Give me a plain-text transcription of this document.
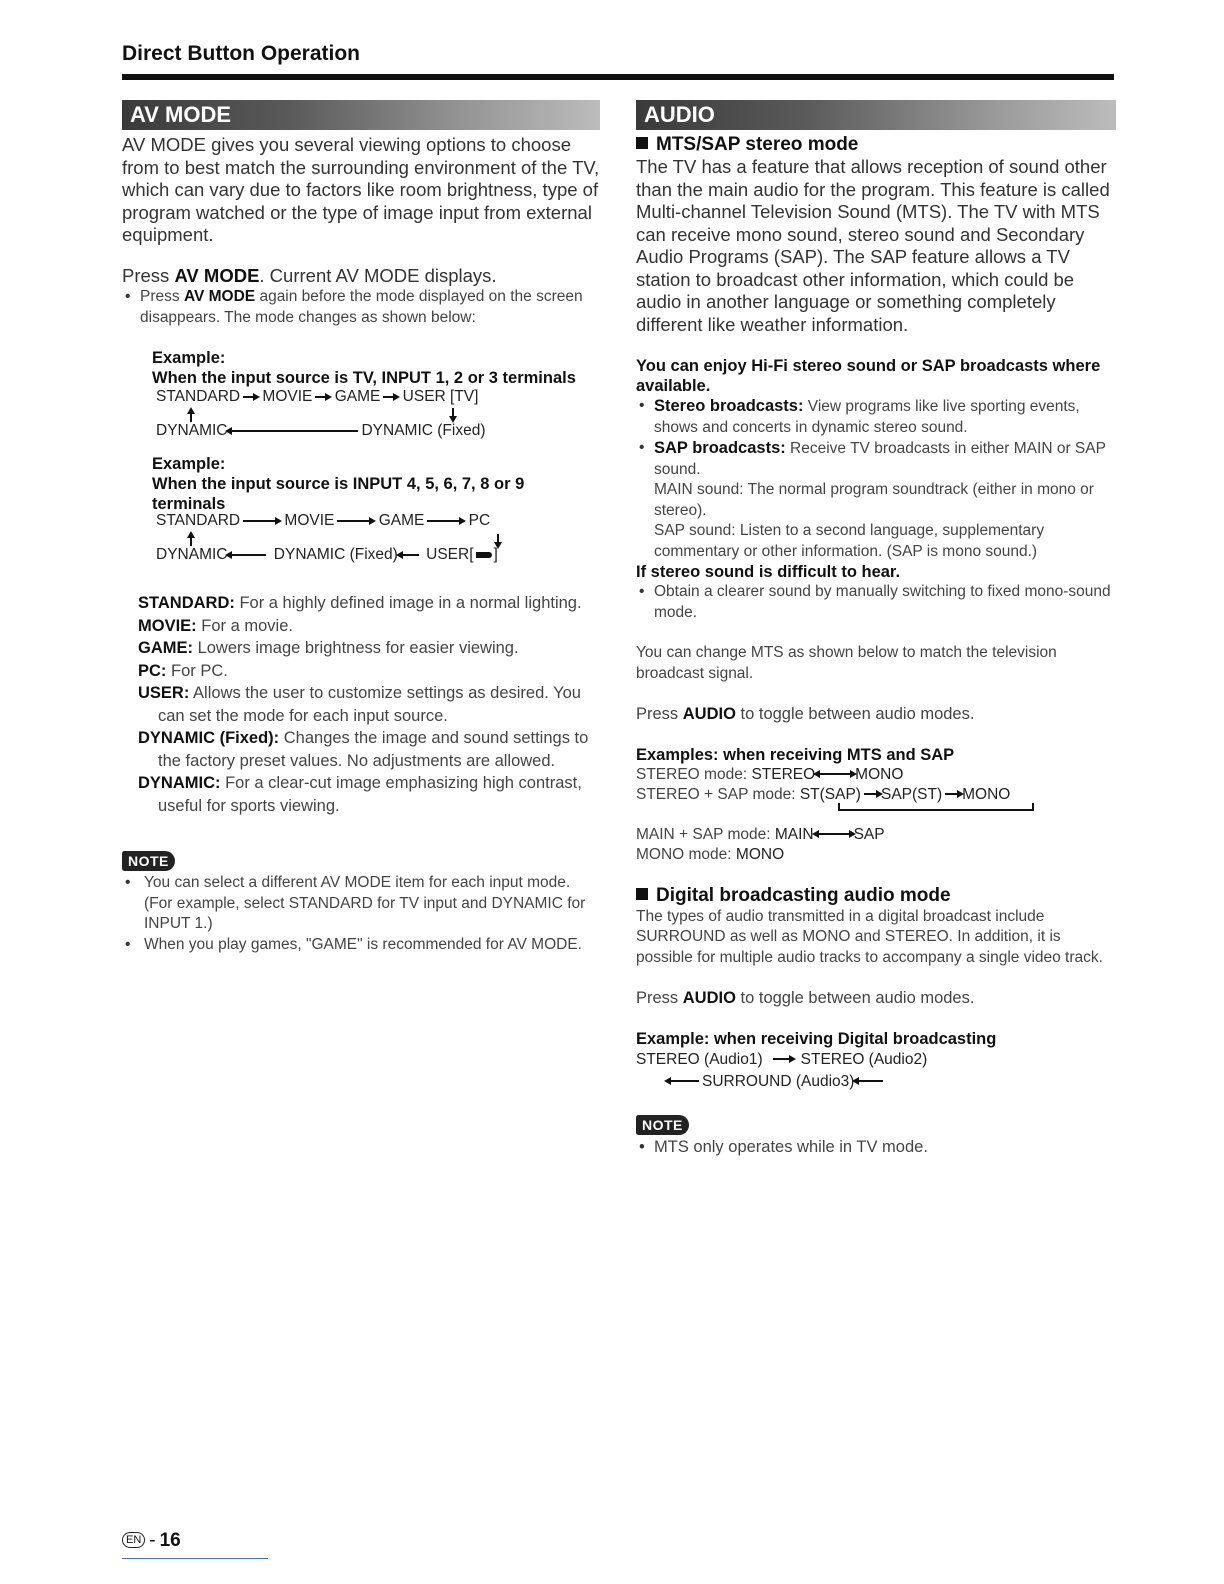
Direct Button Operation
AV MODE

AV MODE gives you several viewing options to choose from to best match the surrounding environment of the TV, which can vary due to factors like room brightness, type of program watched or the type of image input from external equipment.

Press AV MODE. Current AV MODE displays.

• Press AV MODE again before the mode displayed on the screen disappears. The mode changes as shown below:

Example:
When the input source is TV, INPUT 1, 2 or 3 terminals
STANDARD MOVIE GAME USER [TV]
DYNAMIC	DYNAMIC (Fixed)
Example:
When the input source is INPUT 4, 5, 6, 7, 8 or 9 terminals
STANDARD	MOVIE	GAME	PC
DYNAMIC	DYNAMIC (Fixed) USER[ ]

STANDARD: For a highly defined image in a normal lighting.

MOVIE: For a movie.

GAME: Lowers image brightness for easier viewing.

PC: For PC.

USER: Allows the user to customize settings as desired. You can set the mode for each input source.

DYNAMIC (Fixed): Changes the image and sound settings to the factory preset values. No adjustments are allowed.

DYNAMIC: For a clear-cut image emphasizing high contrast, useful for sports viewing.

NOTE

• You can select a different AV MODE item for each input mode. (For example, select STANDARD for TV input and DYNAMIC for INPUT 1.)

• When you play games, "GAME" is recommended for AV MODE.

AUDIO

MTS/SAP stereo mode

The TV has a feature that allows reception of sound other than the main audio for the program. This feature is called Multi-channel Television Sound (MTS). The TV with MTS can receive mono sound, stereo sound and Secondary Audio Programs (SAP). The SAP feature allows a TV station to broadcast other information, which could be audio in another language or something completely different like weather information.

You can enjoy Hi-Fi stereo sound or SAP broadcasts where available.

• Stereo broadcasts: View programs like live sporting events, shows and concerts in dynamic stereo sound.

• SAP broadcasts: Receive TV broadcasts in either MAIN or SAP sound.

MAIN sound: The normal program soundtrack (either in mono or stereo).

SAP sound: Listen to a second language, supplementary commentary or other information. (SAP is mono sound.)

If stereo sound is difficult to hear.

• Obtain a clearer sound by manually switching to fixed mono-sound mode.

You can change MTS as shown below to match the television broadcast signal.

Press AUDIO to toggle between audio modes.

Examples: when receiving MTS and SAP

STEREO mode: STEREO	MONO
STEREO + SAP mode: ST(SAP) SAP(ST) MONO
MAIN + SAP mode: MAIN	SAP
MONO mode: MONO

Digital broadcasting audio mode

The types of audio transmitted in a digital broadcast include SURROUND as well as MONO and STEREO. In addition, it is possible for multiple audio tracks to accompany a single video track.

Press AUDIO to toggle between audio modes.

Example: when receiving Digital broadcasting

STEREO (Audio1) STEREO (Audio2)
SURROUND (Audio3)
NOTE

• MTS only operates while in TV mode.

EN - 16
